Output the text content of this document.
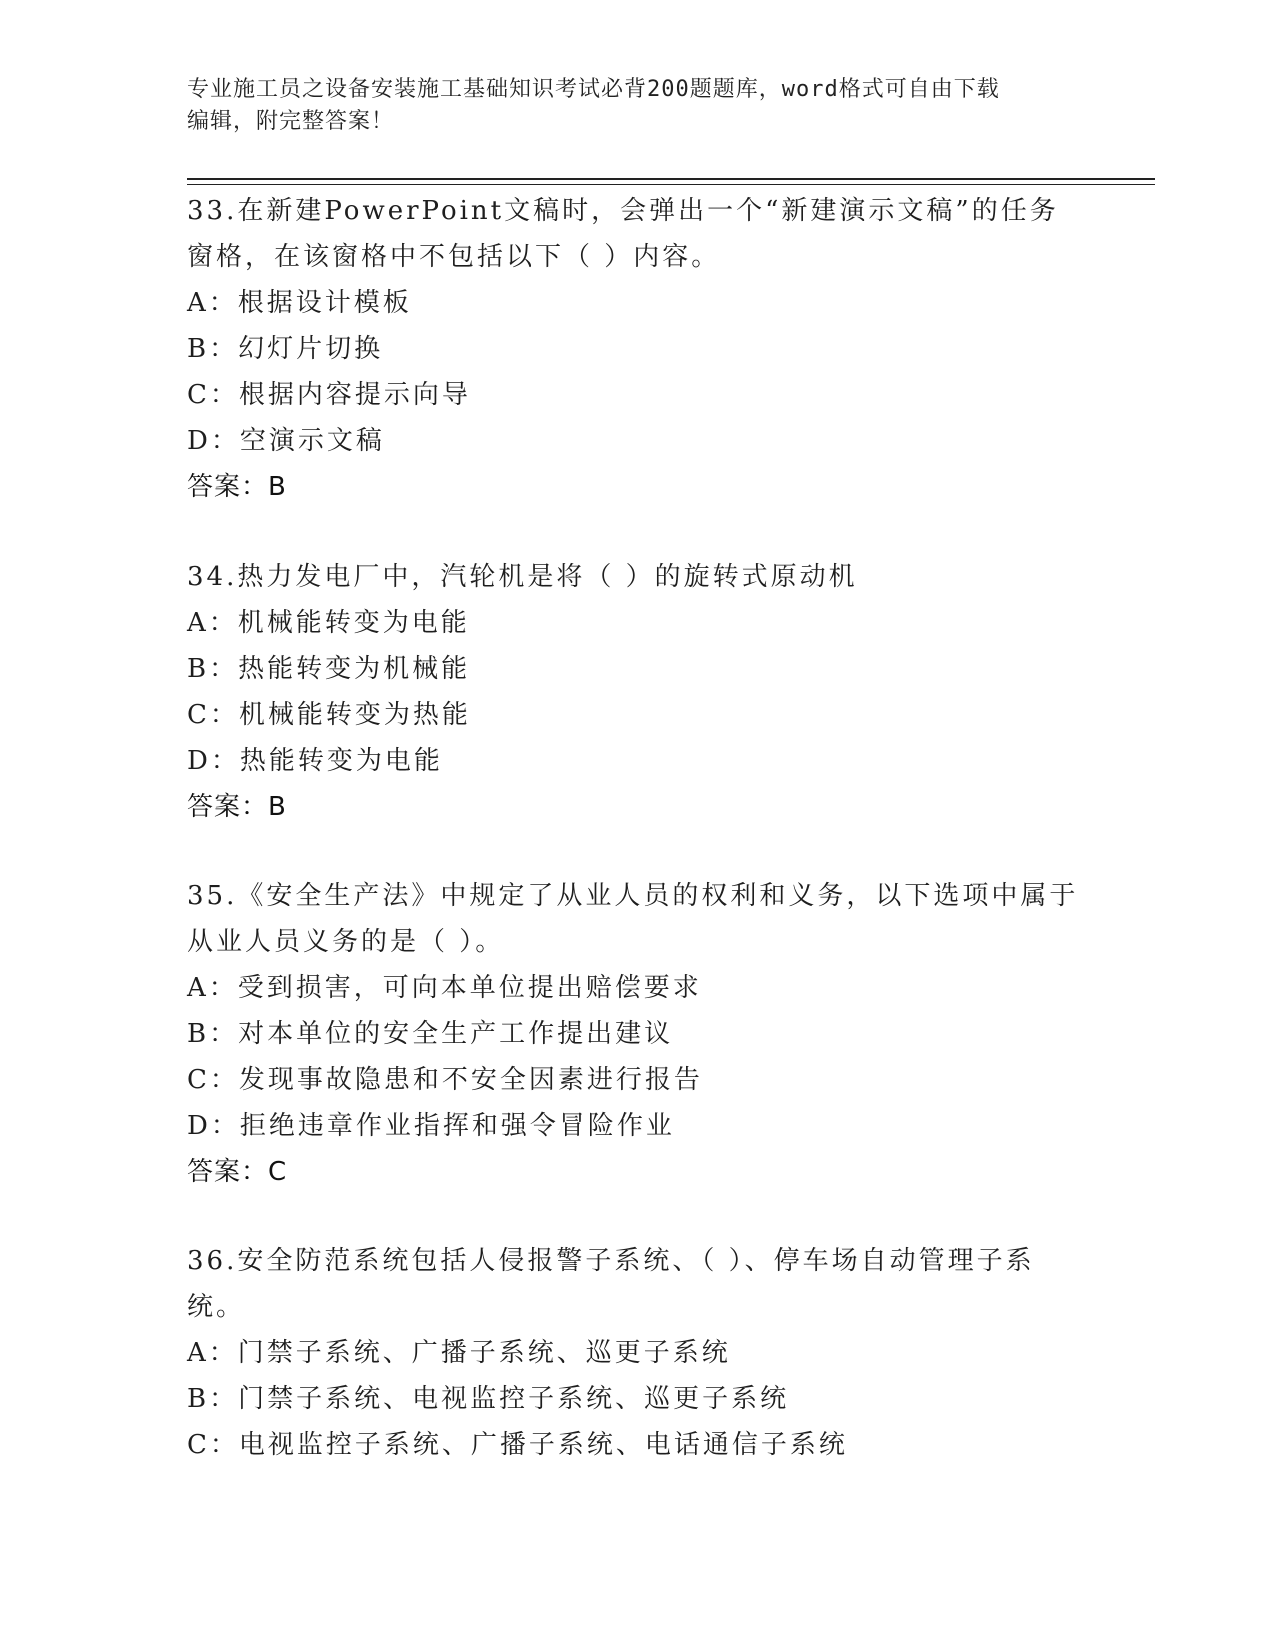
专业施工员之设备安装施工基础知识考试必背200题题库，word格式可自由下载
编辑，附完整答案！
33.在新建PowerPoint文稿时，会弹出一个“新建演示文稿”的任务
窗格，在该窗格中不包括以下（ ）内容。
A：根据设计模板
B：幻灯片切换
C：根据内容提示向导
D：空演示文稿
答案：B
34.热力发电厂中，汽轮机是将（ ）的旋转式原动机
A：机械能转变为电能
B：热能转变为机械能
C：机械能转变为热能
D：热能转变为电能
答案：B
35.《安全生产法》中规定了从业人员的权利和义务，以下选项中属于
从业人员义务的是（ ）。
A：受到损害，可向本单位提出赔偿要求
B：对本单位的安全生产工作提出建议
C：发现事故隐患和不安全因素进行报告
D：拒绝违章作业指挥和强令冒险作业
答案：C
36.安全防范系统包括人侵报警子系统、（ ）、停车场自动管理子系
统。
A：门禁子系统、广播子系统、巡更子系统
B：门禁子系统、电视监控子系统、巡更子系统
C：电视监控子系统、广播子系统、电话通信子系统
